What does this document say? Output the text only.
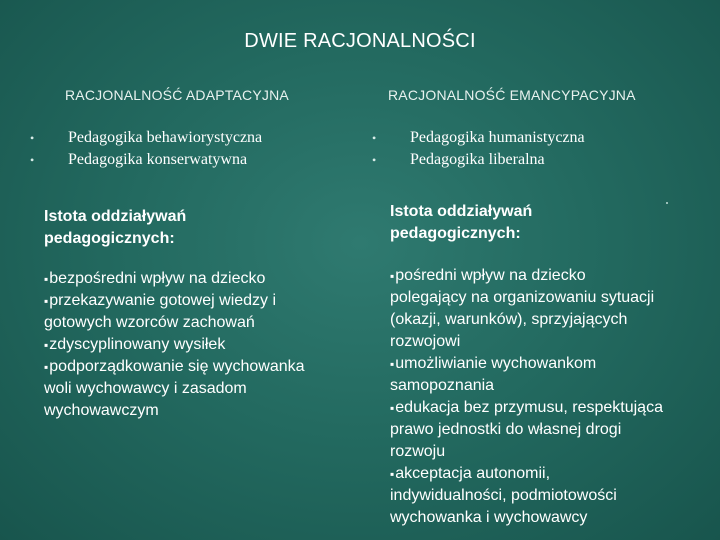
DWIE RACJONALNOŚCI
RACJONALNOŚĆ ADAPTACYJNA	RACJONALNOŚĆ EMANCYPACYJNA
• Pedagogika behawiorystyczna
• Pedagogika konserwatywna
• Pedagogika humanistyczna
• Pedagogika liberalna
Istota oddziaływań pedagogicznych:
Istota oddziaływań pedagogicznych:
▪bezpośredni wpływ na dziecko
▪przekazywanie gotowej wiedzy i gotowych wzorców zachowań
▪zdyscyplinowany wysiłek
▪podporządkowanie się wychowanka woli wychowawcy i zasadom wychowawczym
▪pośredni wpływ na dziecko polegający na organizowaniu sytuacji (okazji, warunków), sprzyjających rozwojowi
▪umożliwianie wychowankom samopoznania
▪edukacja bez przymusu, respektująca prawo jednostki do własnej drogi rozwoju
▪akceptacja autonomii, indywidualności, podmiotowości wychowanka i wychowawcy
